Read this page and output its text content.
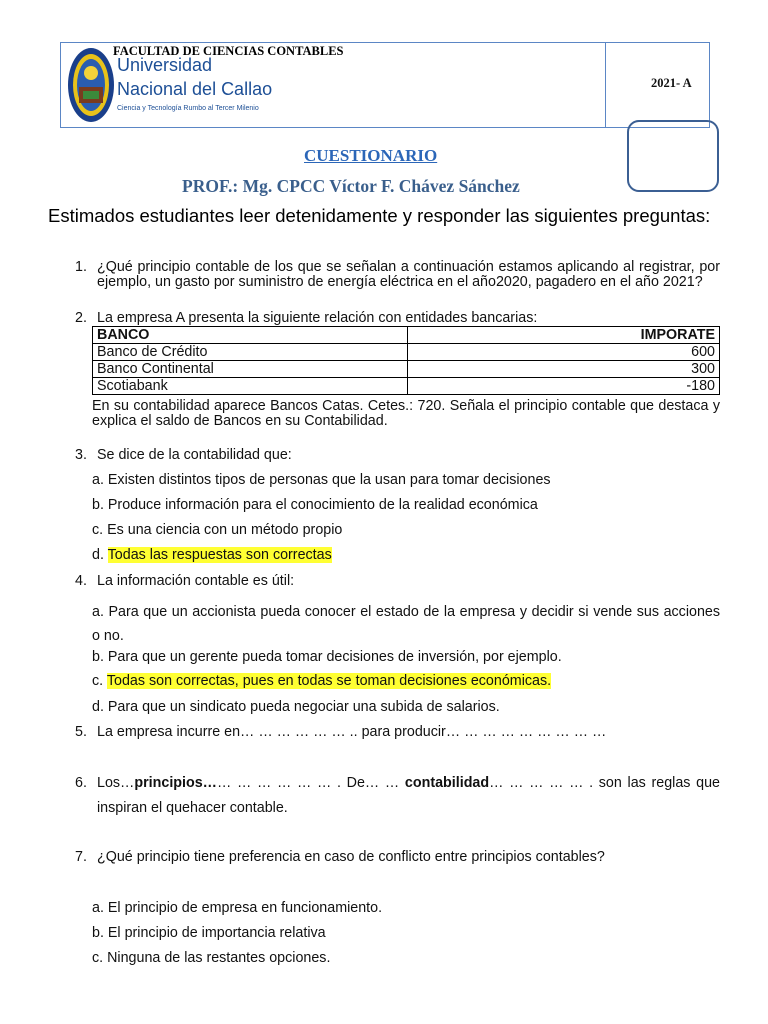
FACULTAD DE CIENCIAS CONTABLES
Universidad
Nacional del Callao
Ciencia y Tecnología Rumbo al Tercer Milenio
2021- A
CUESTIONARIO
PROF.: Mg. CPCC Víctor F. Chávez Sánchez
Estimados estudiantes leer detenidamente y responder las siguientes preguntas:
1. ¿Qué principio contable de los que se señalan a continuación estamos aplicando al registrar, por ejemplo, un gasto por suministro de energía eléctrica en el año2020, pagadero en el año 2021?
2. La empresa A presenta la siguiente relación con entidades bancarias:
BANCO	IMPORATE
Banco de Crédito	600
Banco Continental	300
Scotiabank	-180
En su contabilidad aparece Bancos Catas. Cetes.: 720. Señala el principio contable que destaca y explica el saldo de Bancos en su Contabilidad.
3. Se dice de la contabilidad que:
a. Existen distintos tipos de personas que la usan para tomar decisiones
b. Produce información para el conocimiento de la realidad económica
c. Es una ciencia con un método propio
d. Todas las respuestas son correctas
4. La información contable es útil:
a. Para que un accionista pueda conocer el estado de la empresa y decidir si vende sus acciones o no.
b. Para que un gerente pueda tomar decisiones de inversión, por ejemplo.
c. Todas son correctas, pues en todas se toman decisiones económicas.
d. Para que un sindicato pueda negociar una subida de salarios.
5. La empresa incurre en… … … … … … .. para producir… … … … … … … … …
6. Los…principios…… … … … … … . De… … contabilidad… … … … … . son las reglas que
inspiran el quehacer contable.
7. ¿Qué principio tiene preferencia en caso de conflicto entre principios contables?
a. El principio de empresa en funcionamiento.
b. El principio de importancia relativa
c. Ninguna de las restantes opciones.
